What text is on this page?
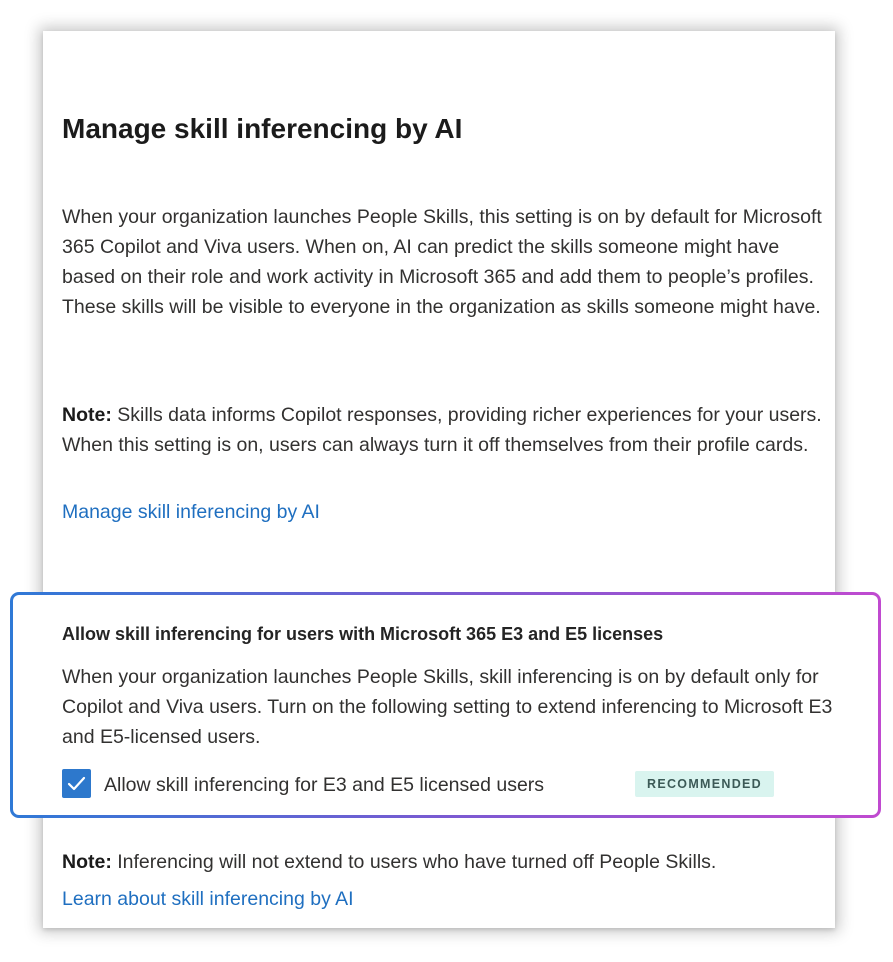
Manage skill inferencing by AI

When your organization launches People Skills, this setting is on by default for Microsoft 365 Copilot and Viva users. When on, AI can predict the skills someone might have based on their role and work activity in Microsoft 365 and add them to people’s profiles. These skills will be visible to everyone in the organization as skills someone might have.

Note: Skills data informs Copilot responses, providing richer experiences for your users. When this setting is on, users can always turn it off themselves from their profile cards.

Manage skill inferencing by AI
Allow skill inferencing for users with Microsoft 365 E3 and E5 licenses

When your organization launches People Skills, skill inferencing is on by default only for Copilot and Viva users. Turn on the following setting to extend inferencing to Microsoft E3 and E5-licensed users.

Allow skill inferencing for E3 and E5 licensed users	RECOMMENDED

Note: Inferencing will not extend to users who have turned off People Skills.

Learn about skill inferencing by AI
